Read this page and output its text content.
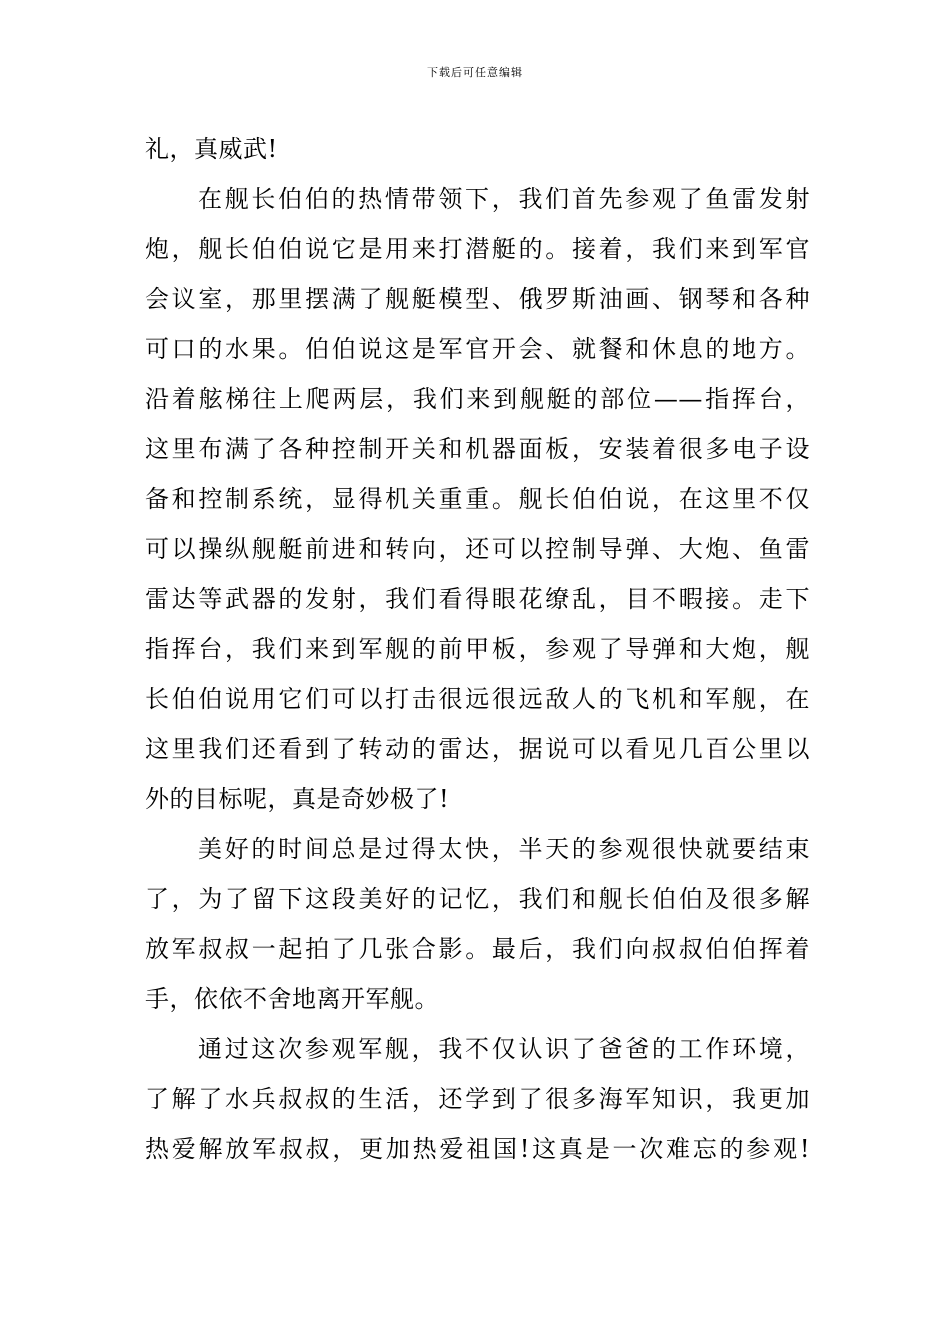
下载后可任意编辑
礼，真威武!
在舰长伯伯的热情带领下，我们首先参观了鱼雷发射
炮，舰长伯伯说它是用来打潜艇的。接着，我们来到军官
会议室，那里摆满了舰艇模型、俄罗斯油画、钢琴和各种
可口的水果。伯伯说这是军官开会、就餐和休息的地方。
沿着舷梯往上爬两层，我们来到舰艇的部位——指挥台，
这里布满了各种控制开关和机器面板，安装着很多电子设
备和控制系统，显得机关重重。舰长伯伯说，在这里不仅
可以操纵舰艇前进和转向，还可以控制导弹、大炮、鱼雷
雷达等武器的发射，我们看得眼花缭乱，目不暇接。走下
指挥台，我们来到军舰的前甲板，参观了导弹和大炮，舰
长伯伯说用它们可以打击很远很远敌人的飞机和军舰，在
这里我们还看到了转动的雷达，据说可以看见几百公里以
外的目标呢，真是奇妙极了!
美好的时间总是过得太快，半天的参观很快就要结束
了，为了留下这段美好的记忆，我们和舰长伯伯及很多解
放军叔叔一起拍了几张合影。最后，我们向叔叔伯伯挥着
手，依依不舍地离开军舰。
通过这次参观军舰，我不仅认识了爸爸的工作环境，
了解了水兵叔叔的生活，还学到了很多海军知识，我更加
热爱解放军叔叔，更加热爱祖国!这真是一次难忘的参观!
